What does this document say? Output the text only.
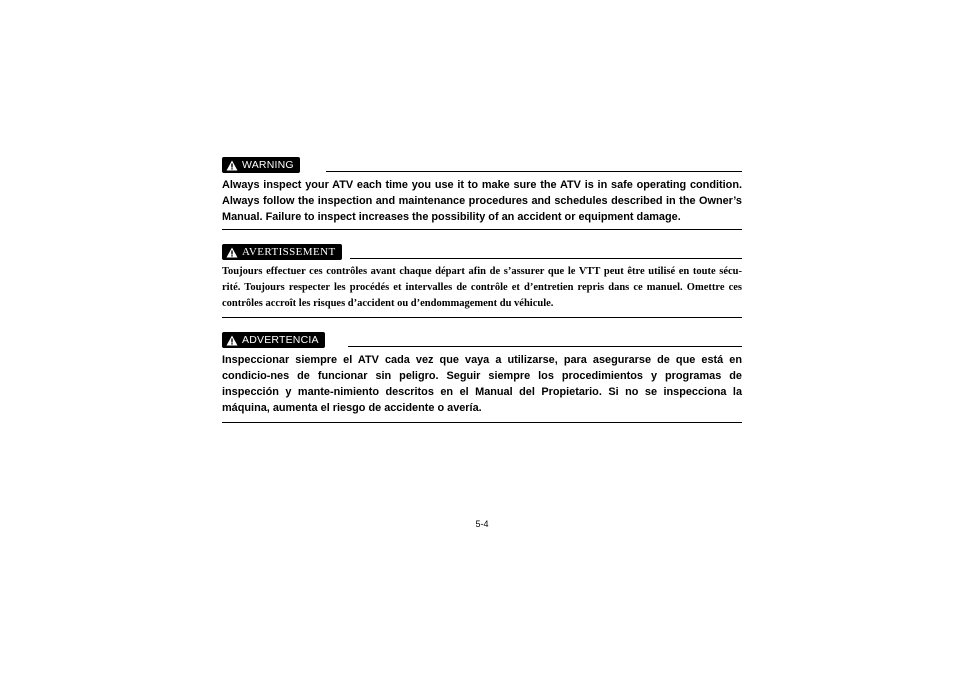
WARNING
Always inspect your ATV each time you use it to make sure the ATV is in safe operating condition. Always follow the inspection and maintenance procedures and schedules described in the Owner’s Manual. Failure to inspect increases the possibility of an accident or equipment damage.
AVERTISSEMENT
Toujours effectuer ces contrôles avant chaque départ afin de s’assurer que le VTT peut être utilisé en toute sécu-rité. Toujours respecter les procédés et intervalles de contrôle et d’entretien repris dans ce manuel. Omettre ces contrôles accroît les risques d’accident ou d’endommagement du véhicule.
ADVERTENCIA
Inspeccionar siempre el ATV cada vez que vaya a utilizarse, para asegurarse de que está en condicio-nes de funcionar sin peligro. Seguir siempre los procedimientos y programas de inspección y mante-nimiento descritos en el Manual del Propietario. Si no se inspecciona la máquina, aumenta el riesgo de accidente o avería.
5-4
